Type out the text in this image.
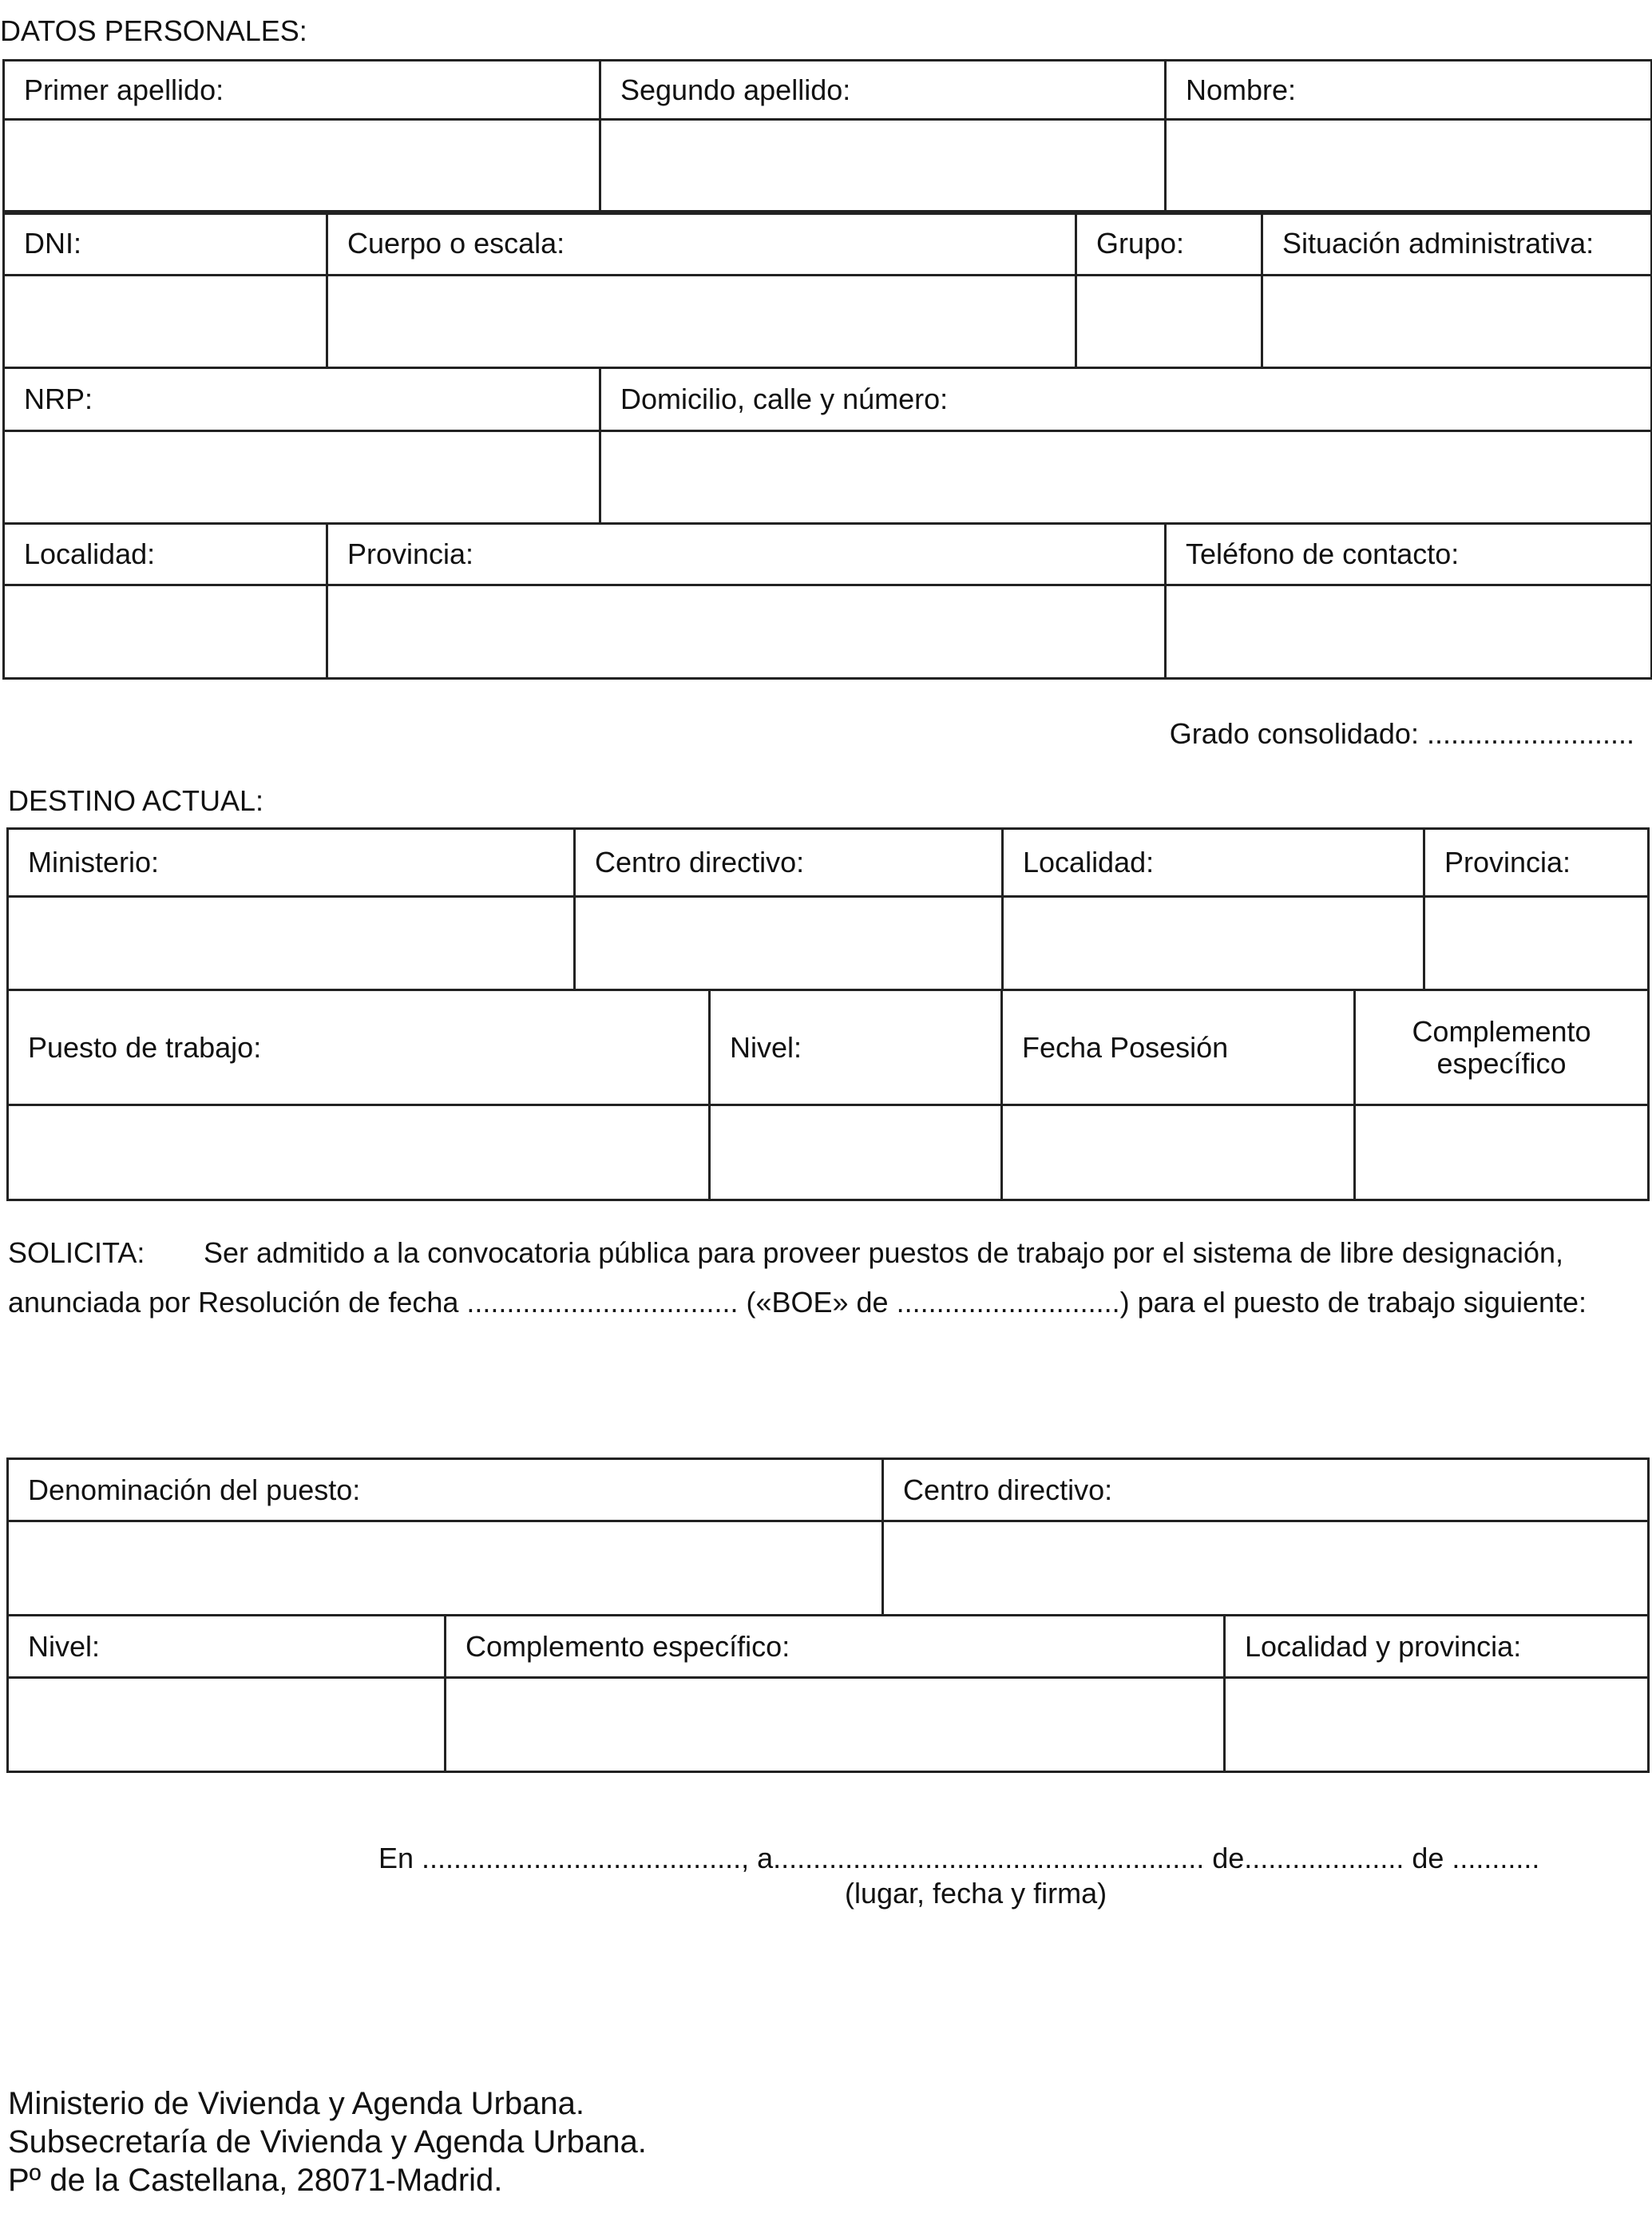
DATOS PERSONALES:
Primer apellido:	Segundo apellido:	Nombre:

DNI:	Cuerpo o escala:	Grupo:	Situación administrativa:

NRP:	Domicilio, calle y número:

Localidad:	Provincia:	Teléfono de contacto:

Grado consolidado: ..........................
DESTINO ACTUAL:
Ministerio:	Centro directivo:	Localidad:	Provincia:

Puesto de trabajo:	Nivel:	Fecha Posesión	Complemento específico

SOLICITA: Ser admitido a la convocatoria pública para proveer puestos de trabajo por el sistema de libre designación, anunciada por Resolución de fecha .................................. («BOE» de ............................) para el puesto de trabajo siguiente:
Denominación del puesto:	Centro directivo:

Nivel:	Complemento específico:	Localidad y provincia:

En ........................................, a...................................................... de.................... de ...........
(lugar, fecha y firma)
Ministerio de Vivienda y Agenda Urbana.
Subsecretaría de Vivienda y Agenda Urbana.
Pº de la Castellana, 28071-Madrid.
